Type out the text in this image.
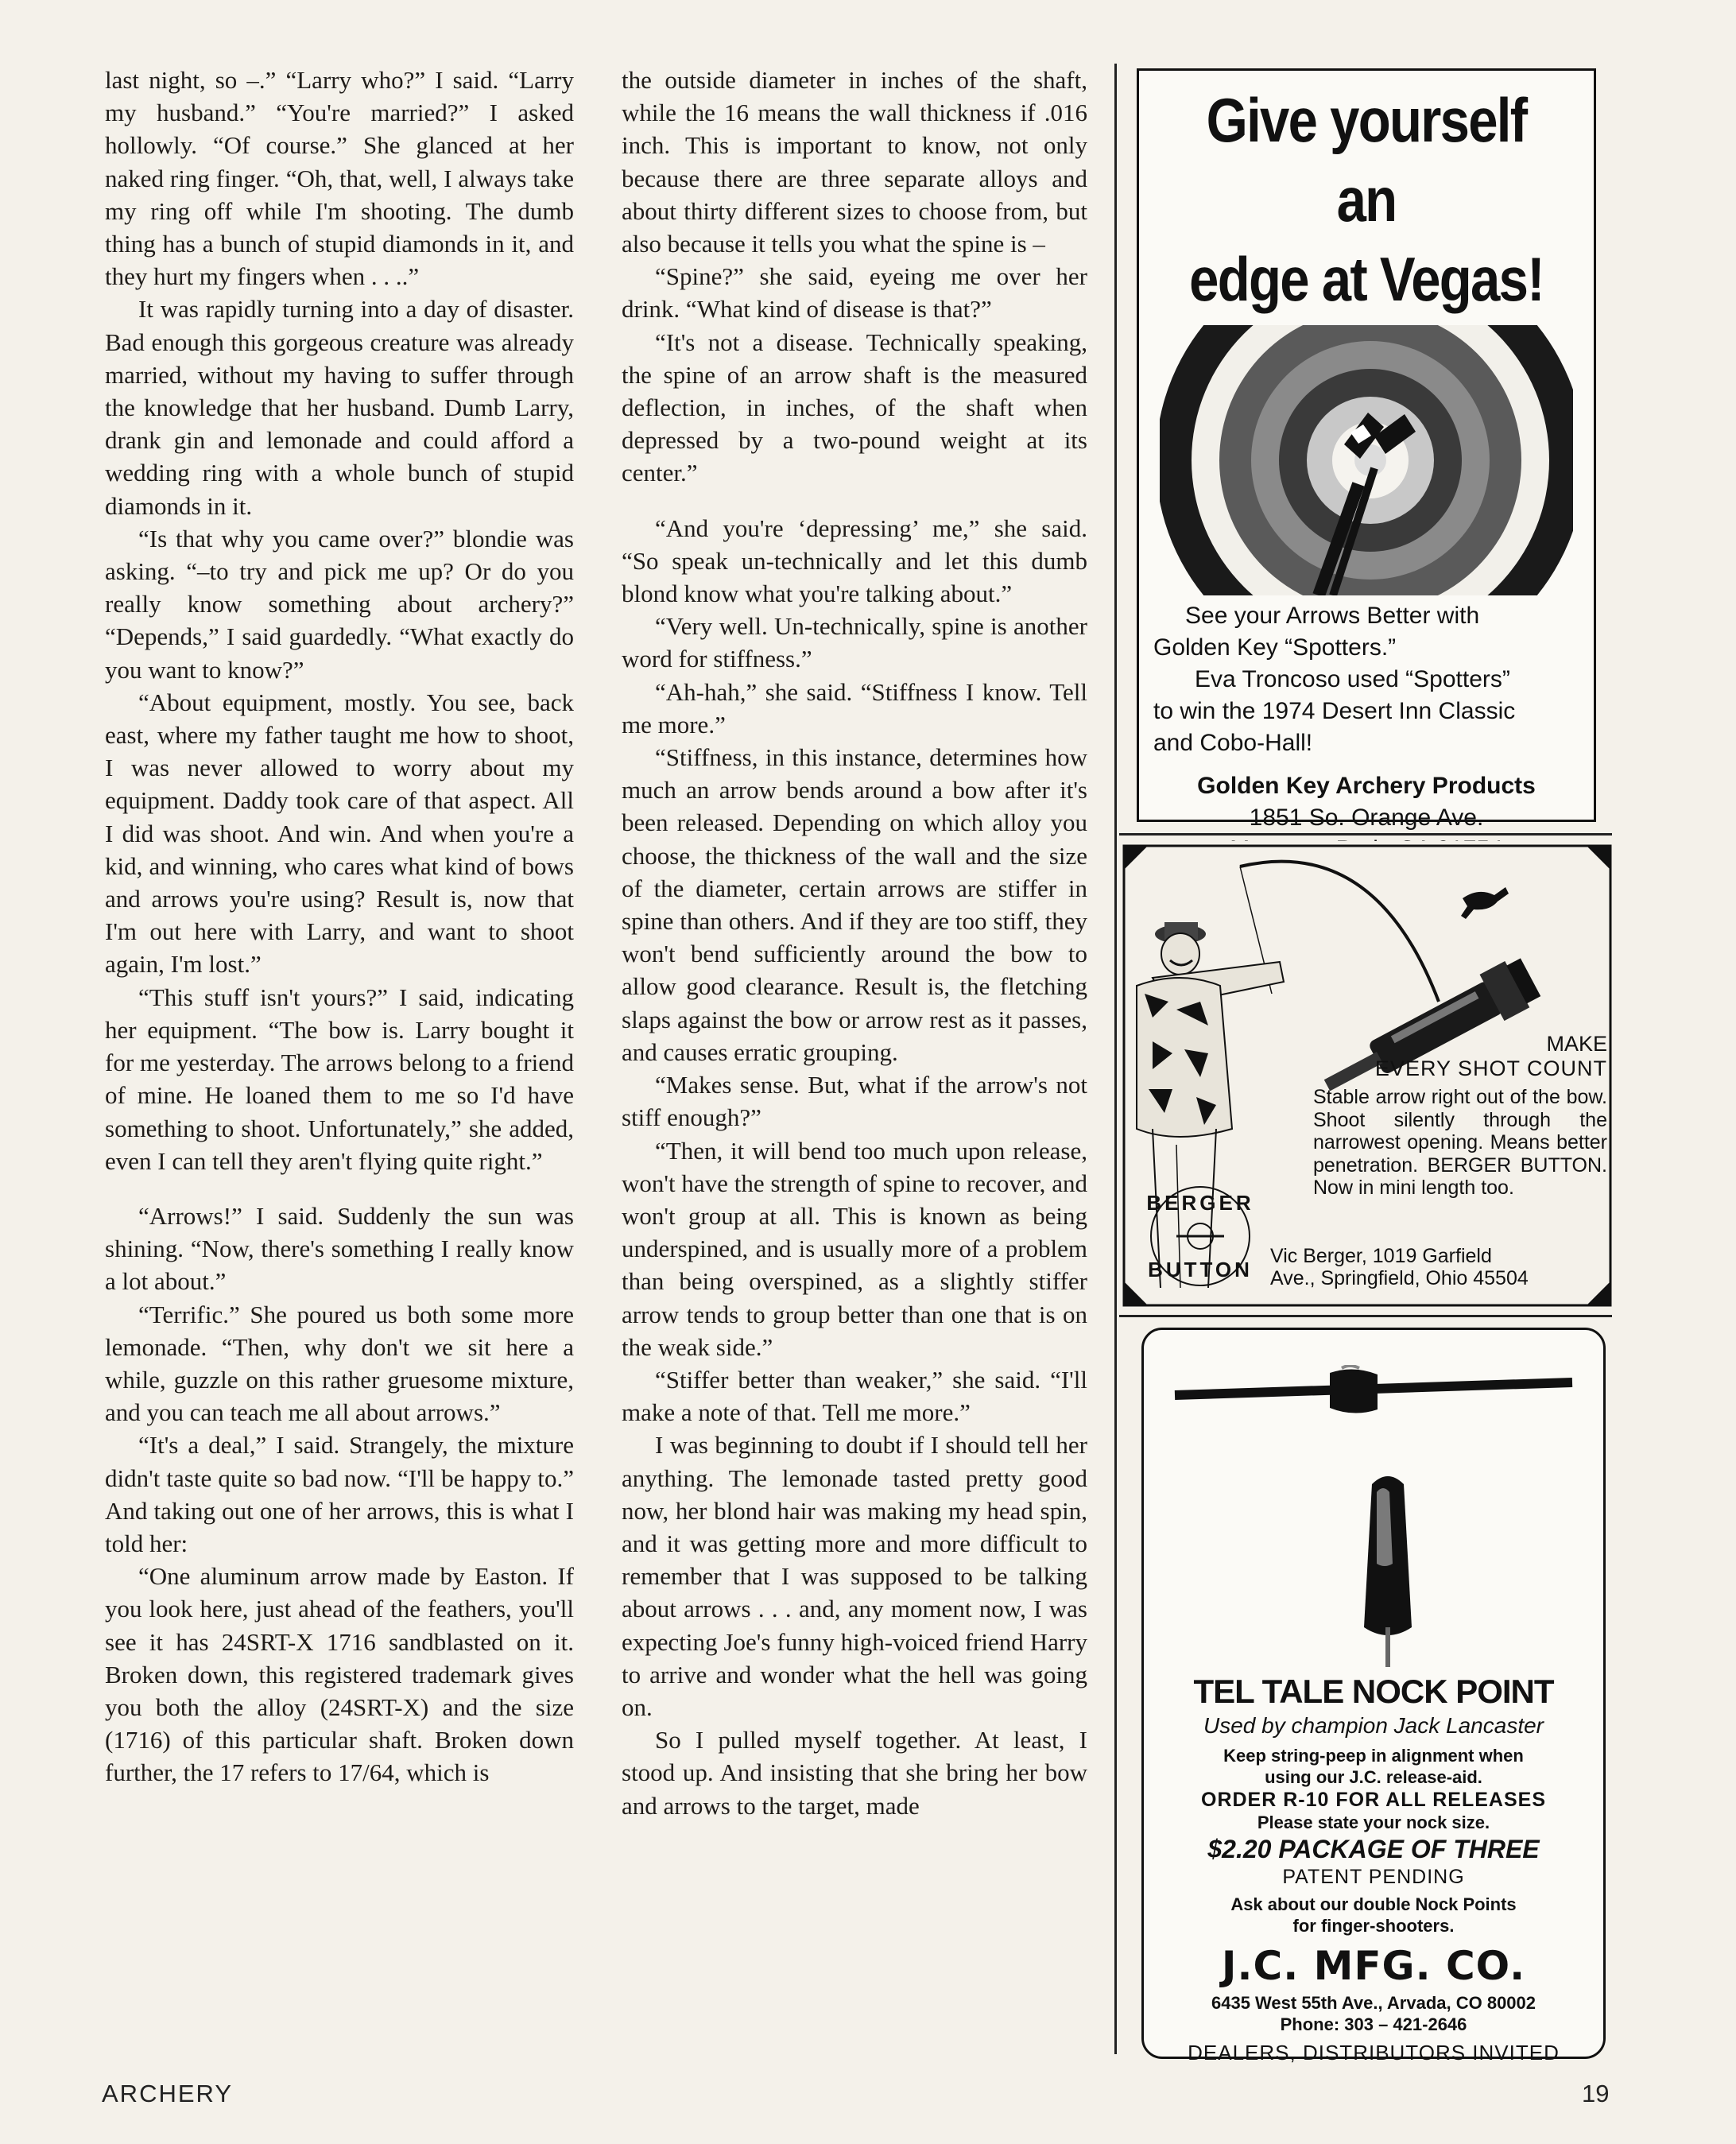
last night, so –.” “Larry who?” I said. “Larry my husband.” “You're married?” I asked hollowly. “Of course.” She glanced at her naked ring finger. “Oh, that, well, I always take my ring off while I'm shooting. The dumb thing has a bunch of stupid diamonds in it, and they hurt my fingers when . . ..”

It was rapidly turning into a day of disaster. Bad enough this gorgeous creature was already married, without my having to suffer through the knowledge that her husband. Dumb Larry, drank gin and lemonade and could afford a wedding ring with a whole bunch of stupid diamonds in it.

“Is that why you came over?” blondie was asking. “–to try and pick me up? Or do you really know something about archery?” “Depends,” I said guardedly. “What exactly do you want to know?”

“About equipment, mostly. You see, back east, where my father taught me how to shoot, I was never allowed to worry about my equipment. Daddy took care of that aspect. All I did was shoot. And win. And when you're a kid, and winning, who cares what kind of bows and arrows you're using? Result is, now that I'm out here with Larry, and want to shoot again, I'm lost.”

“This stuff isn't yours?” I said, indicating her equipment. “The bow is. Larry bought it for me yesterday. The arrows belong to a friend of mine. He loaned them to me so I'd have something to shoot. Unfortunately,” she added, even I can tell they aren't flying quite right.”

“Arrows!” I said. Suddenly the sun was shining. “Now, there's something I really know a lot about.”

“Terrific.” She poured us both some more lemonade. “Then, why don't we sit here a while, guzzle on this rather gruesome mixture, and you can teach me all about arrows.”

“It's a deal,” I said. Strangely, the mixture didn't taste quite so bad now. “I'll be happy to.” And taking out one of her arrows, this is what I told her:

“One aluminum arrow made by Easton. If you look here, just ahead of the feathers, you'll see it has 24SRT-X 1716 sandblasted on it. Broken down, this registered trademark gives you both the alloy (24SRT-X) and the size (1716) of this particular shaft. Broken down further, the 17 refers to 17/64, which is

the outside diameter in inches of the shaft, while the 16 means the wall thickness if .016 inch. This is important to know, not only because there are three separate alloys and about thirty different sizes to choose from, but also because it tells you what the spine is –

“Spine?” she said, eyeing me over her drink. “What kind of disease is that?”

“It's not a disease. Technically speaking, the spine of an arrow shaft is the measured deflection, in inches, of the shaft when depressed by a two-pound weight at its center.”

“And you're ‘depressing’ me,” she said. “So speak un-technically and let this dumb blond know what you're talking about.”

“Very well. Un-technically, spine is another word for stiffness.”

“Ah-hah,” she said. “Stiffness I know. Tell me more.”

“Stiffness, in this instance, determines how much an arrow bends around a bow after it's been released. Depending on which alloy you choose, the thickness of the wall and the size of the diameter, certain arrows are stiffer in spine than others. And if they are too stiff, they won't bend sufficiently around the bow to allow good clearance. Result is, the fletching slaps against the bow or arrow rest as it passes, and causes erratic grouping.

“Makes sense. But, what if the arrow's not stiff enough?”

“Then, it will bend too much upon release, won't have the strength of spine to recover, and won't group at all. This is known as being underspined, and is usually more of a problem than being overspined, as a slightly stiffer arrow tends to group better than one that is on the weak side.”

“Stiffer better than weaker,” she said. “I'll make a note of that. Tell me more.”

I was beginning to doubt if I should tell her anything. The lemonade tasted pretty good now, her blond hair was making my head spin, and it was getting more and more difficult to remember that I was supposed to be talking about arrows . . . and, any moment now, I was expecting Joe's funny high-voiced friend Harry to arrive and wonder what the hell was going on.

So I pulled myself together. At least, I stood up. And insisting that she bring her bow and arrows to the target, made

Give yourself an
edge at Vegas!

See your Arrows Better with

Golden Key “Spotters.”

Eva Troncoso used “Spotters”

to win the 1974 Desert Inn Classic

and Cobo-Hall!

Golden Key Archery Products
1851 So. Orange Ave.
BERGER
BUTTON
MAKE
EVERY SHOT COUNT

Stable arrow right out of the bow. Shoot silently through the narrowest opening. Means better penetration. BERGER BUTTON. Now in mini length too.

Vic Berger, 1019 Garfield

Ave., Springfield, Ohio 45504

TEL TALE NOCK POINT
Used by champion Jack Lancaster
Keep string-peep in alignment when
using our J.C. release-aid.
ORDER R-10 FOR ALL RELEASES
Please state your nock size.
$2.20 PACKAGE OF THREE
PATENT PENDING
Ask about our double Nock Points
for finger-shooters.
J.C. MFG. CO.
6435 West 55th Ave., Arvada, CO 80002
Phone: 303 – 421-2646
DEALERS, DISTRIBUTORS INVITED
ARCHERY	19
